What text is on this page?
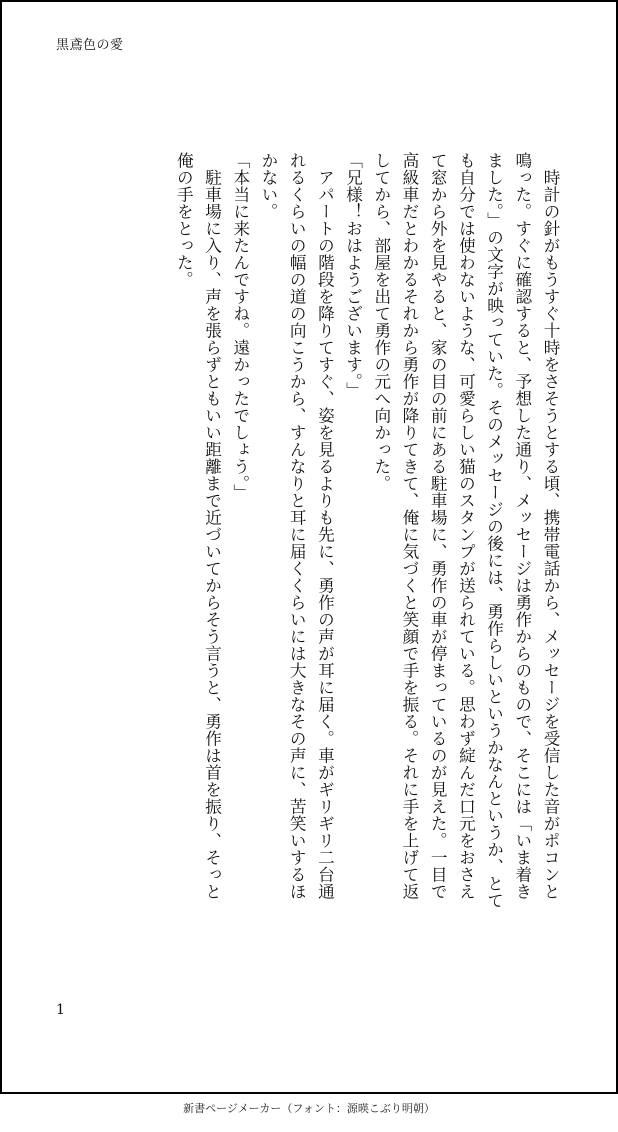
黒鳶色の愛

時計の針がもうすぐ十時をさそうとする頃、携帯電話から、メッセージを受信した音がポコンと鳴った。すぐに確認すると、予想した通り、メッセージは勇作からのもので、そこには「いま着きました。」の文字が映っていた。そのメッセージの後には、勇作らしいというかなんというか、とても自分では使わないような、可愛らしい猫のスタンプが送られている。思わず綻んだ口元をおさえて窓から外を見やると、家の目の前にある駐車場に、勇作の車が停まっているのが見えた。一目で高級車だとわかるそれから勇作が降りてきて、俺に気づくと笑顔で手を振る。それに手を上げて返してから、部屋を出て勇作の元へ向かった。

「兄様！おはようございます。」

アパートの階段を降りてすぐ、姿を見るよりも先に、勇作の声が耳に届く。車がギリギリ二台通れるくらいの幅の道の向こうから、すんなりと耳に届くくらいには大きなその声に、苦笑いするほかない。

「本当に来たんですね。遠かったでしょう。」

駐車場に入り、声を張らずともいい距離まで近づいてからそう言うと、勇作は首を振り、そっと俺の手をとった。

1
新書ページメーカー（フォント：源暎こぶり明朝）
